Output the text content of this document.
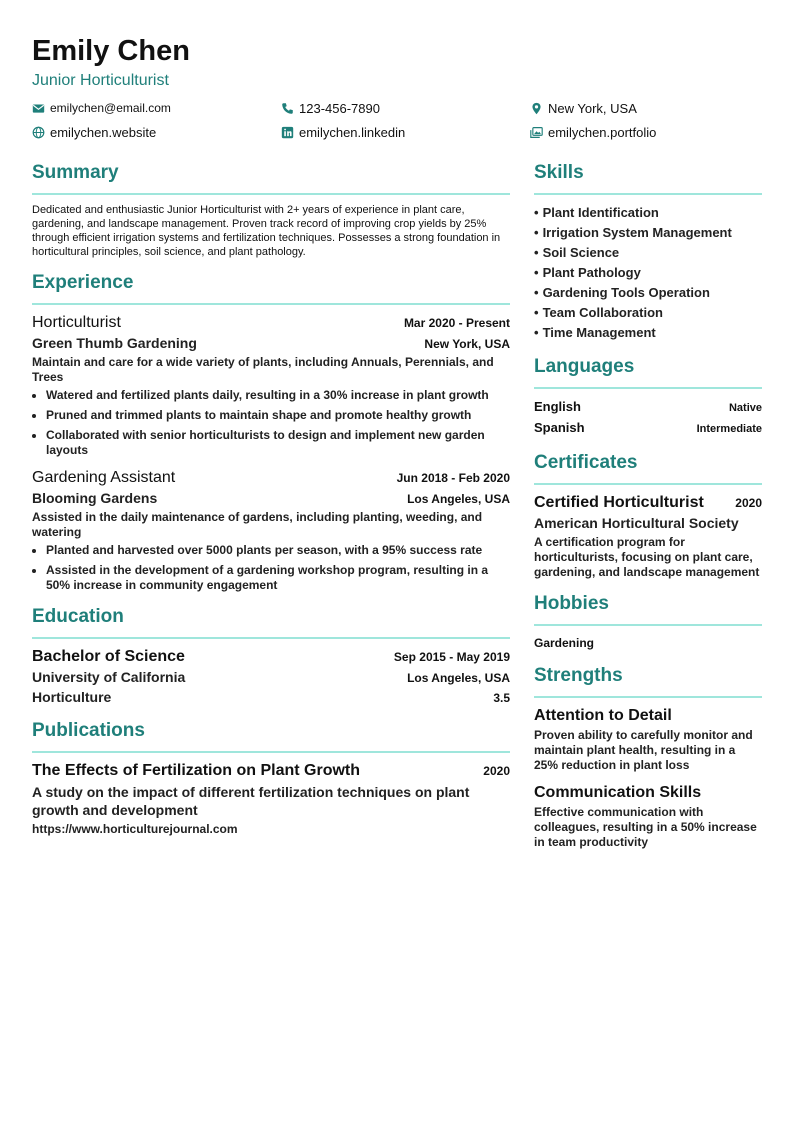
Emily Chen
Junior Horticulturist
emilychen@email.com	123-456-7890	New York, USA
emilychen.website	emilychen.linkedin	emilychen.portfolio
Summary
Dedicated and enthusiastic Junior Horticulturist with 2+ years of experience in plant care, gardening, and landscape management. Proven track record of improving crop yields by 25% through efficient irrigation systems and fertilization techniques. Possesses a strong foundation in horticultural principles, soil science, and plant pathology.
Experience
Horticulturist	Mar 2020 - Present
Green Thumb Gardening	New York, USA
Maintain and care for a wide variety of plants, including Annuals, Perennials, and Trees
• Watered and fertilized plants daily, resulting in a 30% increase in plant growth
• Pruned and trimmed plants to maintain shape and promote healthy growth
• Collaborated with senior horticulturists to design and implement new garden layouts
Gardening Assistant	Jun 2018 - Feb 2020
Blooming Gardens	Los Angeles, USA
Assisted in the daily maintenance of gardens, including planting, weeding, and watering
• Planted and harvested over 5000 plants per season, with a 95% success rate
• Assisted in the development of a gardening workshop program, resulting in a 50% increase in community engagement
Education
Bachelor of Science	Sep 2015 - May 2019
University of California	Los Angeles, USA
Horticulture	3.5
Publications
The Effects of Fertilization on Plant Growth	2020
A study on the impact of different fertilization techniques on plant growth and development
https://www.horticulturejournal.com
Skills
• Plant Identification
• Irrigation System Management
• Soil Science
• Plant Pathology
• Gardening Tools Operation
• Team Collaboration
• Time Management
Languages
English	Native
Spanish	Intermediate
Certificates
Certified Horticulturist	2020
American Horticultural Society
A certification program for horticulturists, focusing on plant care, gardening, and landscape management
Hobbies
Gardening
Strengths
Attention to Detail
Proven ability to carefully monitor and maintain plant health, resulting in a 25% reduction in plant loss
Communication Skills
Effective communication with colleagues, resulting in a 50% increase in team productivity
